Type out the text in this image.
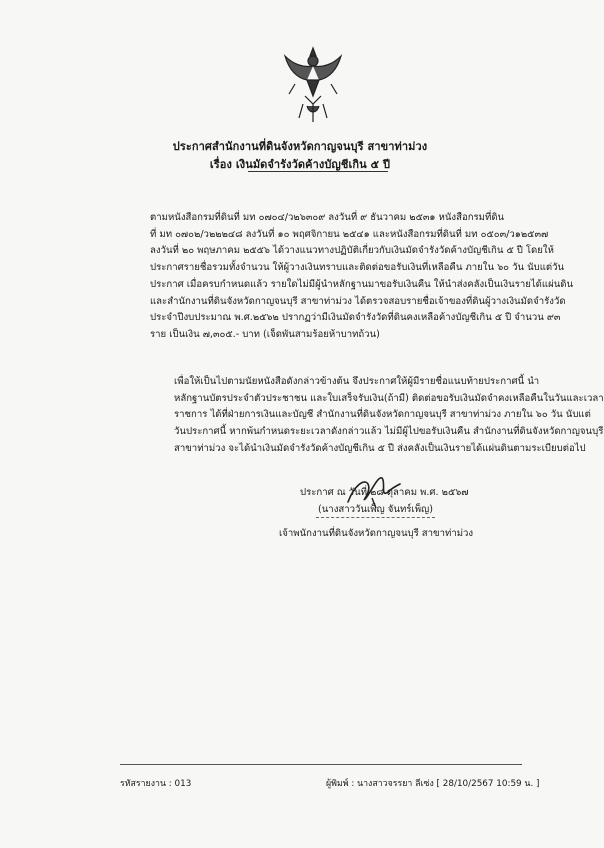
ประกาศสำนักงานที่ดินจังหวัดกาญจนบุรี สาขาท่าม่วง
เรื่อง เงินมัดจำรังวัดค้างบัญชีเกิน ๕ ปี

ตามหนังสือกรมที่ดินที่ มท ๐๗๐๔/ว๒๖๓๐๙ ลงวันที่ ๙ ธันวาคม ๒๕๓๑ หนังสือกรมที่ดิน
ที่ มท ๐๗๐๒/ว๒๒๒๔๘ ลงวันที่ ๑๐ พฤศจิกายน ๒๕๔๑ และหนังสือกรมที่ดินที่ มท ๐๕๐๓/ว๑๒๕๓๗
ลงวันที่ ๒๐ พฤษภาคม ๒๕๕๖ ได้วางแนวทางปฏิบัติเกี่ยวกับเงินมัดจำรังวัดค้างบัญชีเกิน ๕ ปี โดยให้
ประกาศรายชื่อรวมทั้งจำนวน ให้ผู้วางเงินทราบและติดต่อขอรับเงินที่เหลือคืน ภายใน ๖๐ วัน นับแต่วัน
ประกาศ เมื่อครบกำหนดแล้ว รายใดไม่มีผู้นำหลักฐานมาขอรับเงินคืน ให้นำส่งคลังเป็นเงินรายได้แผ่นดิน
และสำนักงานที่ดินจังหวัดกาญจนบุรี สาขาท่าม่วง ได้ตรวจสอบรายชื่อเจ้าของที่ดินผู้วางเงินมัดจำรังวัด
ประจำปีงบประมาณ พ.ศ.๒๕๖๒ ปรากฏว่ามีเงินมัดจำรังวัดที่ดินคงเหลือค้างบัญชีเกิน ๕ ปี จำนวน ๙๓
ราย เป็นเงิน ๗,๓๐๕.- บาท (เจ็ดพันสามร้อยห้าบาทถ้วน)

เพื่อให้เป็นไปตามนัยหนังสือดังกล่าวข้างต้น จึงประกาศให้ผู้มีรายชื่อแนบท้ายประกาศนี้ นำ
หลักฐานบัตรประจำตัวประชาชน และใบเสร็จรับเงิน(ถ้ามี) ติดต่อขอรับเงินมัดจำคงเหลือคืนในวันและเวลา
ราชการ ได้ที่ฝ่ายการเงินและบัญชี สำนักงานที่ดินจังหวัดกาญจนบุรี สาขาท่าม่วง ภายใน ๖๐ วัน นับแต่
วันประกาศนี้ หากพ้นกำหนดระยะเวลาดังกล่าวแล้ว ไม่มีผู้ไปขอรับเงินคืน สำนักงานที่ดินจังหวัดกาญจนบุรี
สาขาท่าม่วง จะได้นำเงินมัดจำรังวัดค้างบัญชีเกิน ๕ ปี ส่งคลังเป็นเงินรายได้แผ่นดินตามระเบียบต่อไป

ประกาศ ณ วันที่ ๒๘ ตุลาคม พ.ศ. ๒๕๖๗
(นางสาววันเพ็ญ จันทร์เพ็ญ)
เจ้าพนักงานที่ดินจังหวัดกาญจนบุรี สาขาท่าม่วง
รหัสรายงาน : 013	ผู้พิมพ์ : นางสาวจรรยา ลีเซ่ง [ 28/10/2567 10:59 น. ]
